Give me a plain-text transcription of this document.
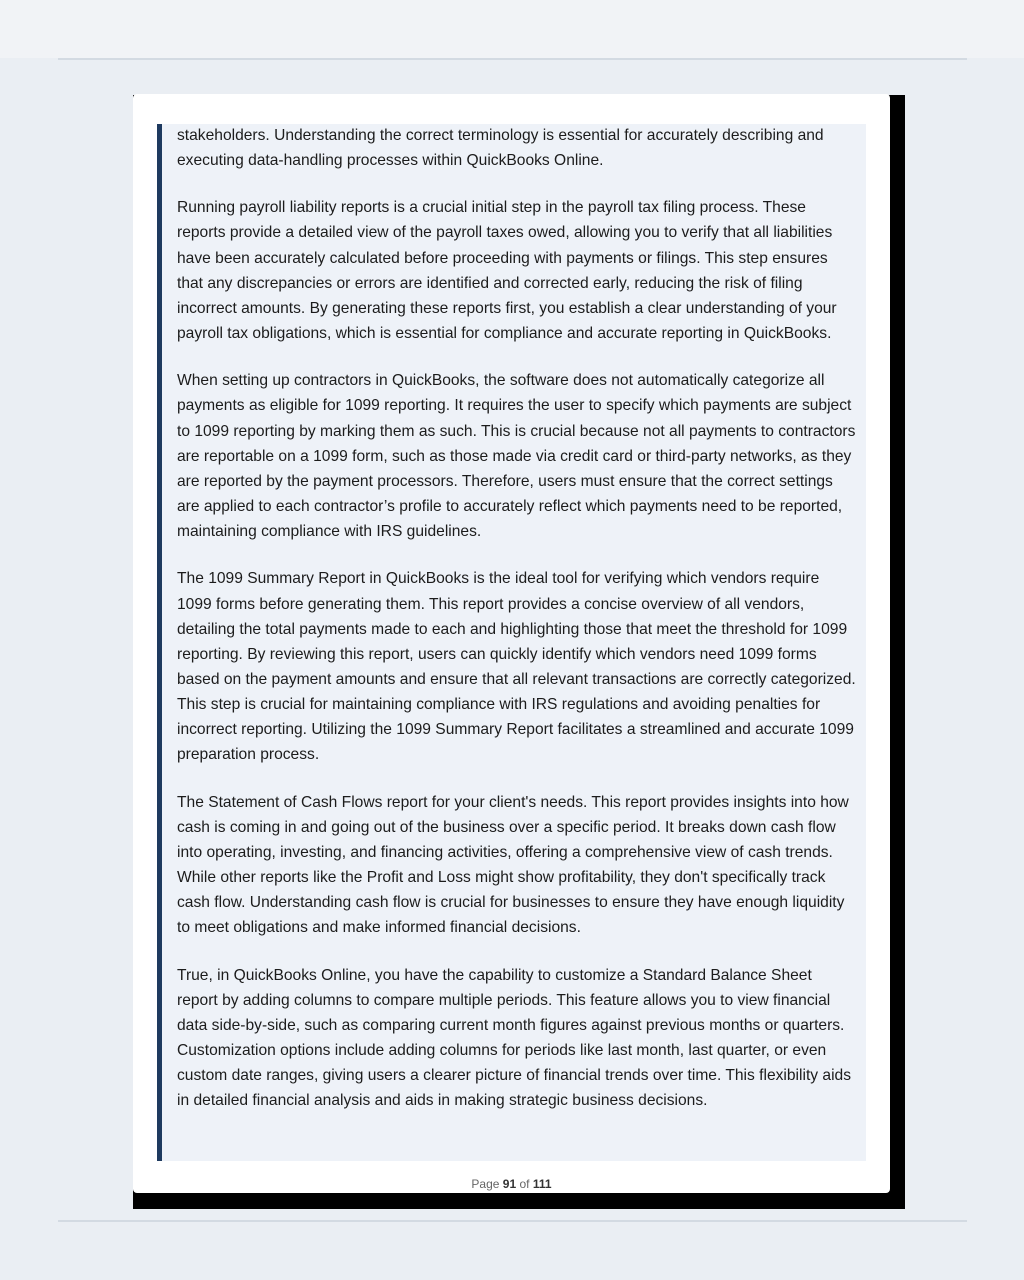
stakeholders. Understanding the correct terminology is essential for accurately describing and executing data-handling processes within QuickBooks Online.

Running payroll liability reports is a crucial initial step in the payroll tax filing process. These reports provide a detailed view of the payroll taxes owed, allowing you to verify that all liabilities have been accurately calculated before proceeding with payments or filings. This step ensures that any discrepancies or errors are identified and corrected early, reducing the risk of filing incorrect amounts. By generating these reports first, you establish a clear understanding of your payroll tax obligations, which is essential for compliance and accurate reporting in QuickBooks.

When setting up contractors in QuickBooks, the software does not automatically categorize all payments as eligible for 1099 reporting. It requires the user to specify which payments are subject to 1099 reporting by marking them as such. This is crucial because not all payments to contractors are reportable on a 1099 form, such as those made via credit card or third-party networks, as they are reported by the payment processors. Therefore, users must ensure that the correct settings are applied to each contractor’s profile to accurately reflect which payments need to be reported, maintaining compliance with IRS guidelines.

The 1099 Summary Report in QuickBooks is the ideal tool for verifying which vendors require 1099 forms before generating them. This report provides a concise overview of all vendors, detailing the total payments made to each and highlighting those that meet the threshold for 1099 reporting. By reviewing this report, users can quickly identify which vendors need 1099 forms based on the payment amounts and ensure that all relevant transactions are correctly categorized. This step is crucial for maintaining compliance with IRS regulations and avoiding penalties for incorrect reporting. Utilizing the 1099 Summary Report facilitates a streamlined and accurate 1099 preparation process.

The Statement of Cash Flows report for your client's needs. This report provides insights into how cash is coming in and going out of the business over a specific period. It breaks down cash flow into operating, investing, and financing activities, offering a comprehensive view of cash trends. While other reports like the Profit and Loss might show profitability, they don't specifically track cash flow. Understanding cash flow is crucial for businesses to ensure they have enough liquidity to meet obligations and make informed financial decisions.

True, in QuickBooks Online, you have the capability to customize a Standard Balance Sheet report by adding columns to compare multiple periods. This feature allows you to view financial data side-by-side, such as comparing current month figures against previous months or quarters. Customization options include adding columns for periods like last month, last quarter, or even custom date ranges, giving users a clearer picture of financial trends over time. This flexibility aids in detailed financial analysis and aids in making strategic business decisions.

Page 91 of 111
